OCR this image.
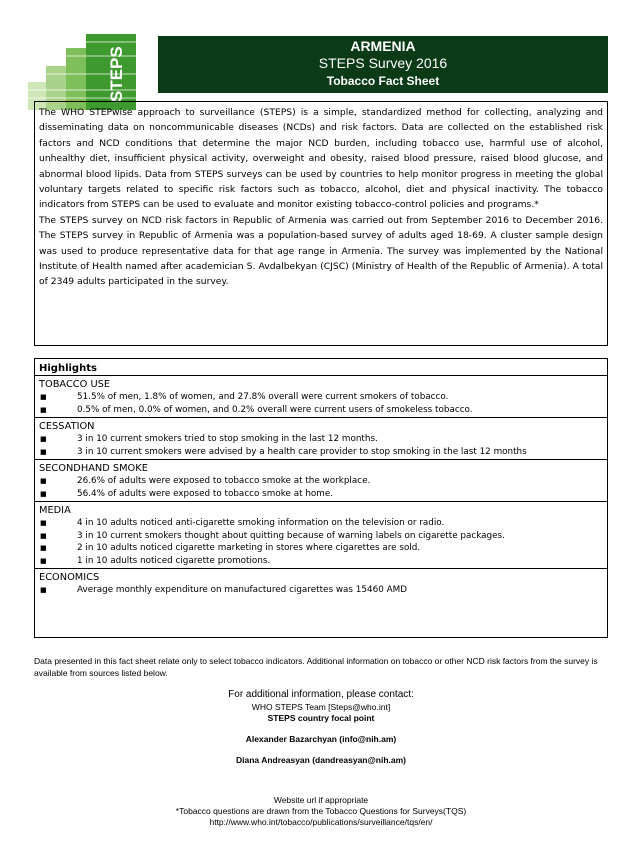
STEPS
ARMENIA
STEPS Survey 2016
Tobacco Fact Sheet

The WHO STEPwise approach to surveillance (STEPS) is a simple, standardized method for collecting, analyzing and disseminating data on noncommunicable diseases (NCDs) and risk factors. Data are collected on the established risk factors and NCD conditions that determine the major NCD burden, including tobacco use, harmful use of alcohol, unhealthy diet, insufficient physical activity, overweight and obesity, raised blood pressure, raised blood glucose, and abnormal blood lipids. Data from STEPS surveys can be used by countries to help monitor progress in meeting the global voluntary targets related to specific risk factors such as tobacco, alcohol, diet and physical inactivity. The tobacco indicators from STEPS can be used to evaluate and monitor existing tobacco-control policies and programs.*

The STEPS survey on NCD risk factors in Republic of Armenia was carried out from September 2016 to December 2016. The STEPS survey in Republic of Armenia was a population-based survey of adults aged 18-69. A cluster sample design was used to produce representative data for that age range in Armenia. The survey was implemented by the National Institute of Health named after academician S. Avdalbekyan (CJSC) (Ministry of Health of the Republic of Armenia). A total of 2349 adults participated in the survey.

Highlights
TOBACCO USE
■	51.5% of men, 1.8% of women, and 27.8% overall were current smokers of tobacco.
■	0.5% of men, 0.0% of women, and 0.2% overall were current users of smokeless tobacco.
CESSATION
■	3 in 10 current smokers tried to stop smoking in the last 12 months.
■	3 in 10 current smokers were advised by a health care provider to stop smoking in the last 12 months
SECONDHAND SMOKE
■	26.6% of adults were exposed to tobacco smoke at the workplace.
■	56.4% of adults were exposed to tobacco smoke at home.
MEDIA
■	4 in 10 adults noticed anti-cigarette smoking information on the television or radio.
■	3 in 10 current smokers thought about quitting because of warning labels on cigarette packages.
■	2 in 10 adults noticed cigarette marketing in stores where cigarettes are sold.
■	1 in 10 adults noticed cigarette promotions.
ECONOMICS
■	Average monthly expenditure on manufactured cigarettes was 15460 AMD
Data presented in this fact sheet relate only to select tobacco indicators. Additional information on tobacco or other NCD risk factors from the survey is available from sources listed below.
For additional information, please contact:
WHO STEPS Team [Steps@who.int]
STEPS country focal point
Alexander Bazarchyan (info@nih.am)
Diana Andreasyan (dandreasyan@nih.am)
Website url if appropriate
*Tobacco questions are drawn from the Tobacco Questions for Surveys(TQS)
http://www.who.int/tobacco/publications/surveillance/tqs/en/
